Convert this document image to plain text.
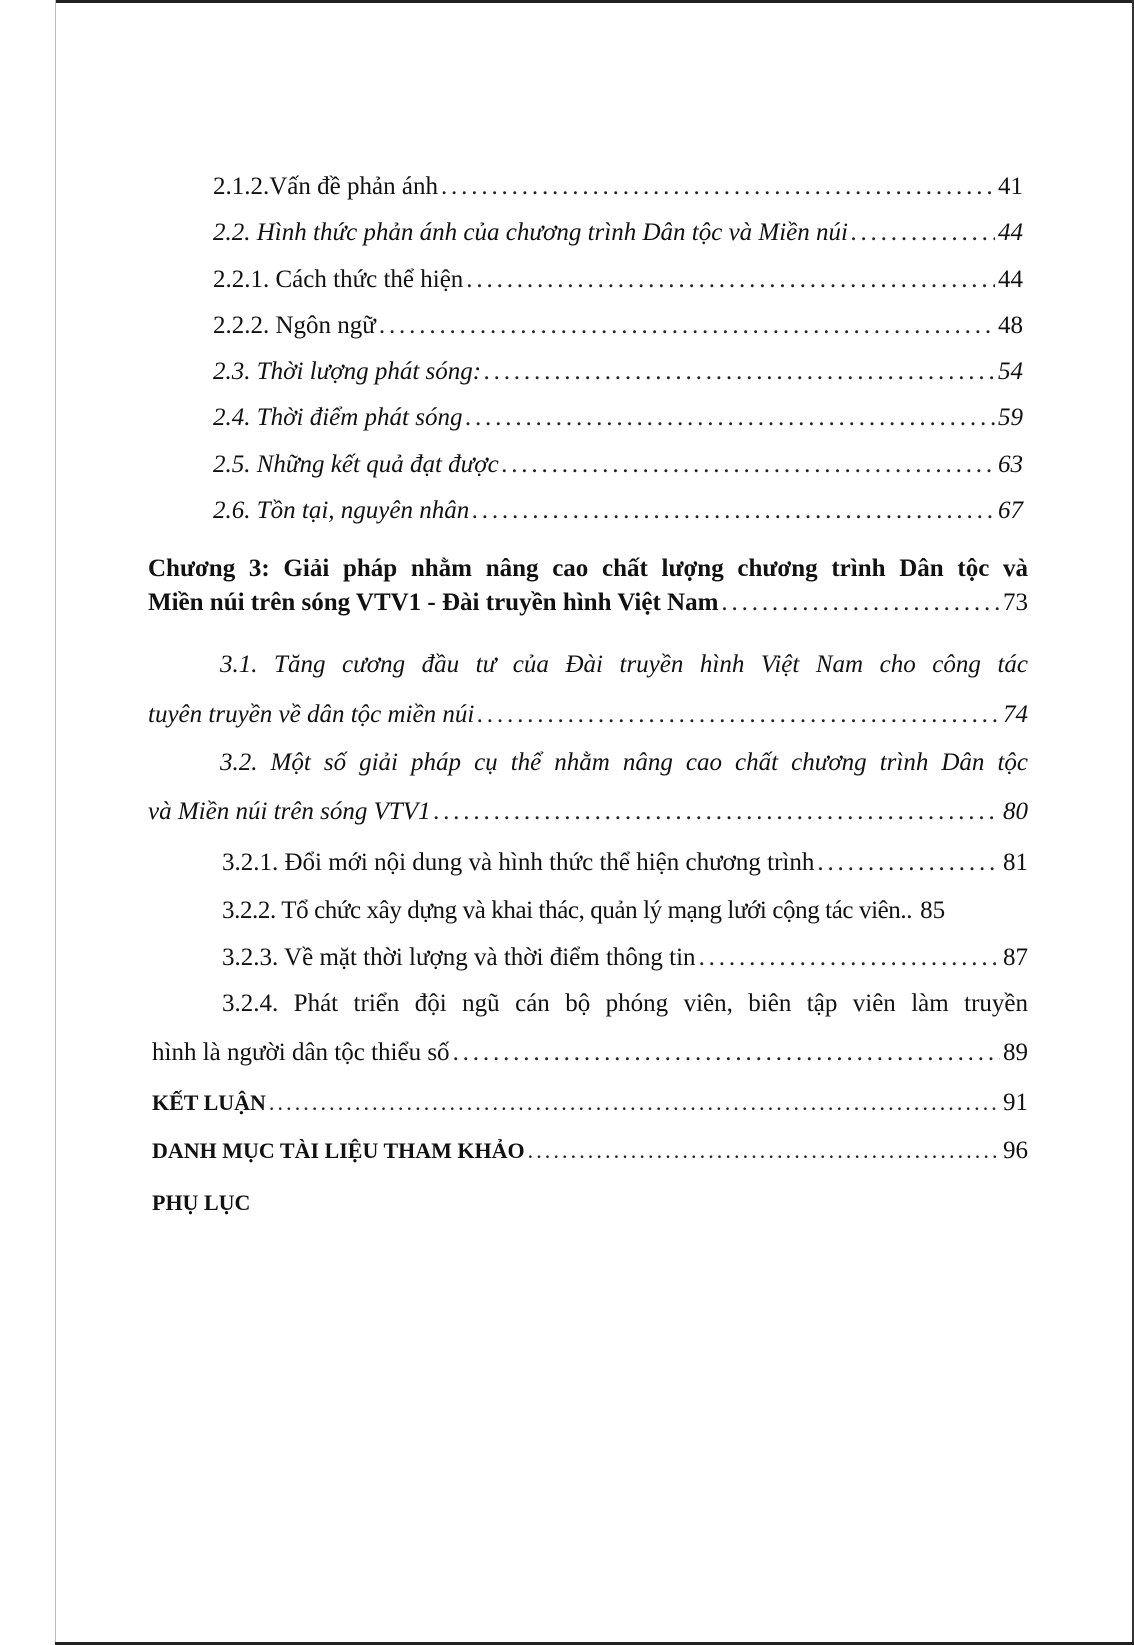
2.1.2.Vấn đề phản ánh . . .	41
2.2. Hình thức phản ánh của chương trình Dân tộc và Miền núi . . .	44
2.2.1. Cách thức thể hiện . . .	44
2.2.2. Ngôn ngữ . . .	48
2.3. Thời lượng phát sóng: . . .	54
2.4. Thời điểm phát sóng . . .	59
2.5. Những kết quả đạt được . . .	63
2.6. Tồn tại, nguyên nhân . . .	67
Chương 3: Giải pháp nhằm nâng cao chất lượng chương trình Dân tộc và
Miền núi trên sóng VTV1 - Đài truyền hình Việt Nam . . .	73
3.1. Tăng cương đầu tư của Đài truyền hình Việt Nam cho công tác
tuyên truyền về dân tộc miền núi . . .	74
3.2. Một số giải pháp cụ thể nhằm nâng cao chất chương trình Dân tộc
và Miền núi trên sóng VTV1 . . .	80
3.2.1. Đổi mới nội dung và hình thức thể hiện chương trình . . .	81
3.2.2. Tổ chức xây dựng và khai thác, quản lý mạng lưới cộng tác viên.. 85
3.2.3. Về mặt thời lượng và thời điểm thông tin . . .	87
3.2.4. Phát triển đội ngũ cán bộ phóng viên, biên tập viên làm truyền
hình là người dân tộc thiểu số . . .	89
KẾT LUẬN . . .	91
DANH MỤC TÀI LIỆU THAM KHẢO . . .	96
PHỤ LỤC
